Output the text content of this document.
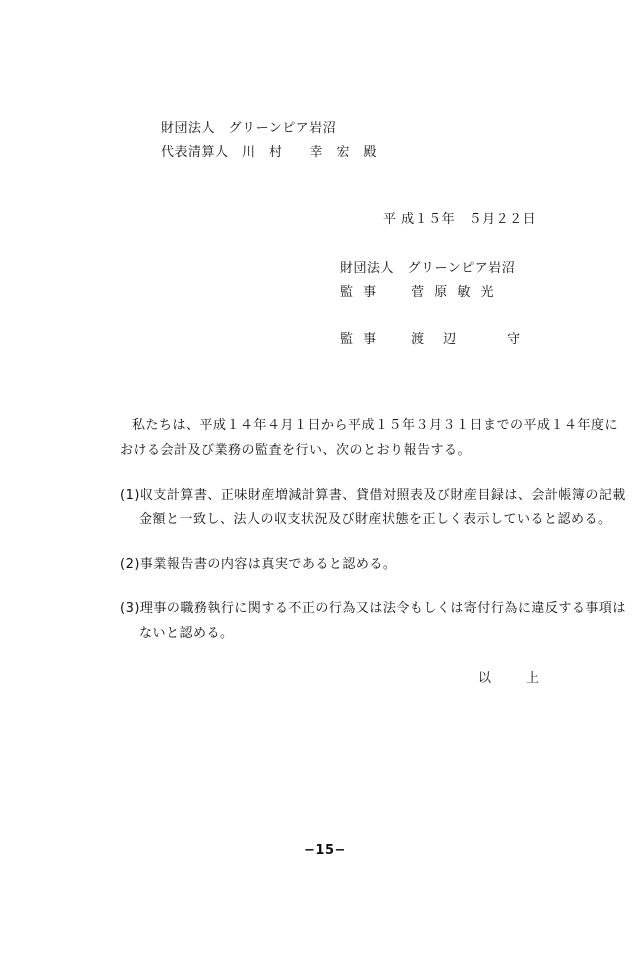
財団法人　グリーンピア岩沼
代表清算人　川　村　　幸　宏　殿
平 成１５年　５月２２日
財団法人　グリーンピア岩沼
監 事　　菅 原 敏 光
監 事　　渡　辺　　　守
私たちは、平成１４年４月１日から平成１５年３月３１日までの平成１４年度に
おける会計及び業務の監査を行い、次のとおり報告する。
(1)収支計算書、正味財産増減計算書、貸借対照表及び財産目録は、会計帳簿の記載
金額と一致し、法人の収支状況及び財産状態を正しく表示していると認める。
(2)事業報告書の内容は真実であると認める。
(3)理事の職務執行に関する不正の行為又は法令もしくは寄付行為に違反する事項は
ないと認める。
以　　上
−15−
